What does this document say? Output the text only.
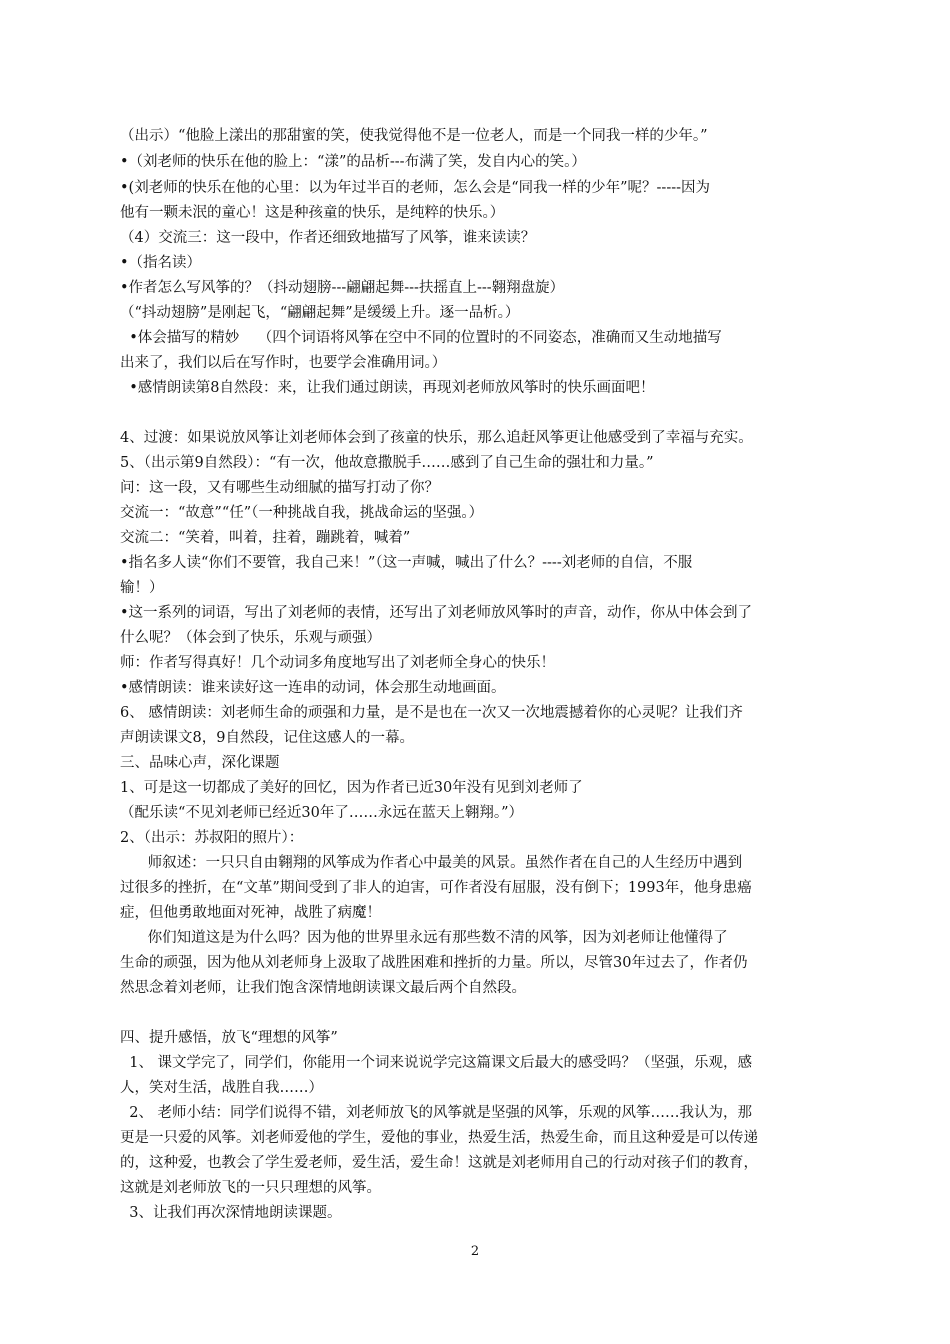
（出示）“他脸上漾出的那甜蜜的笑，使我觉得他不是一位老人，而是一个同我一样的少年。”
•（刘老师的快乐在他的脸上：“漾”的品析---布满了笑，发自内心的笑。）
•(刘老师的快乐在他的心里：以为年过半百的老师，怎么会是“同我一样的少年”呢？-----因为
他有一颗未泯的童心！这是种孩童的快乐，是纯粹的快乐。）
（4）交流三：这一段中，作者还细致地描写了风筝，谁来读读？
•（指名读）
•作者怎么写风筝的？（抖动翅膀---翩翩起舞---扶摇直上---翱翔盘旋）
（“抖动翅膀”是刚起飞，“翩翩起舞”是缓缓上升。逐一品析。）
•体会描写的精妙    （四个词语将风筝在空中不同的位置时的不同姿态，准确而又生动地描写
出来了，我们以后在写作时，也要学会准确用词。）
•感情朗读第8自然段：来，让我们通过朗读，再现刘老师放风筝时的快乐画面吧！
4、过渡：如果说放风筝让刘老师体会到了孩童的快乐，那么追赶风筝更让他感受到了幸福与充实。
5、（出示第9自然段）：“有一次，他故意撒脱手……感到了自己生命的强壮和力量。”
问：这一段，又有哪些生动细腻的描写打动了你？
交流一：“故意”“任”（一种挑战自我，挑战命运的坚强。）
交流二：“笑着，叫着，拄着，蹦跳着，喊着”
•指名多人读“你们不要管，我自己来！”（这一声喊，喊出了什么？----刘老师的自信，不服
输！）
•这一系列的词语，写出了刘老师的表情，还写出了刘老师放风筝时的声音，动作，你从中体会到了
什么呢？（体会到了快乐，乐观与顽强）
师：作者写得真好！几个动词多角度地写出了刘老师全身心的快乐！
•感情朗读：谁来读好这一连串的动词，体会那生动地画面。
6、 感情朗读：刘老师生命的顽强和力量，是不是也在一次又一次地震撼着你的心灵呢？让我们齐
声朗读课文8，9自然段，记住这感人的一幕。
三、品味心声，深化课题
1、可是这一切都成了美好的回忆，因为作者已近30年没有见到刘老师了
（配乐读“不见刘老师已经近30年了……永远在蓝天上翱翔。”）
2、（出示：苏叔阳的照片）：
师叙述：一只只自由翱翔的风筝成为作者心中最美的风景。虽然作者在自己的人生经历中遇到
过很多的挫折，在“文革”期间受到了非人的迫害，可作者没有屈服，没有倒下；1993年，他身患癌
症，但他勇敢地面对死神，战胜了病魔！
你们知道这是为什么吗？因为他的世界里永远有那些数不清的风筝，因为刘老师让他懂得了
生命的顽强，因为他从刘老师身上汲取了战胜困难和挫折的力量。所以，尽管30年过去了，作者仍
然思念着刘老师，让我们饱含深情地朗读课文最后两个自然段。
四、提升感悟，放飞“理想的风筝”
1、 课文学完了，同学们，你能用一个词来说说学完这篇课文后最大的感受吗？（坚强，乐观，感
人，笑对生活，战胜自我……）
2、 老师小结：同学们说得不错，刘老师放飞的风筝就是坚强的风筝，乐观的风筝……我认为，那
更是一只爱的风筝。刘老师爱他的学生，爱他的事业，热爱生活，热爱生命，而且这种爱是可以传递
的，这种爱，也教会了学生爱老师，爱生活，爱生命！这就是刘老师用自己的行动对孩子们的教育，
这就是刘老师放飞的一只只理想的风筝。
3、让我们再次深情地朗读课题。
2
